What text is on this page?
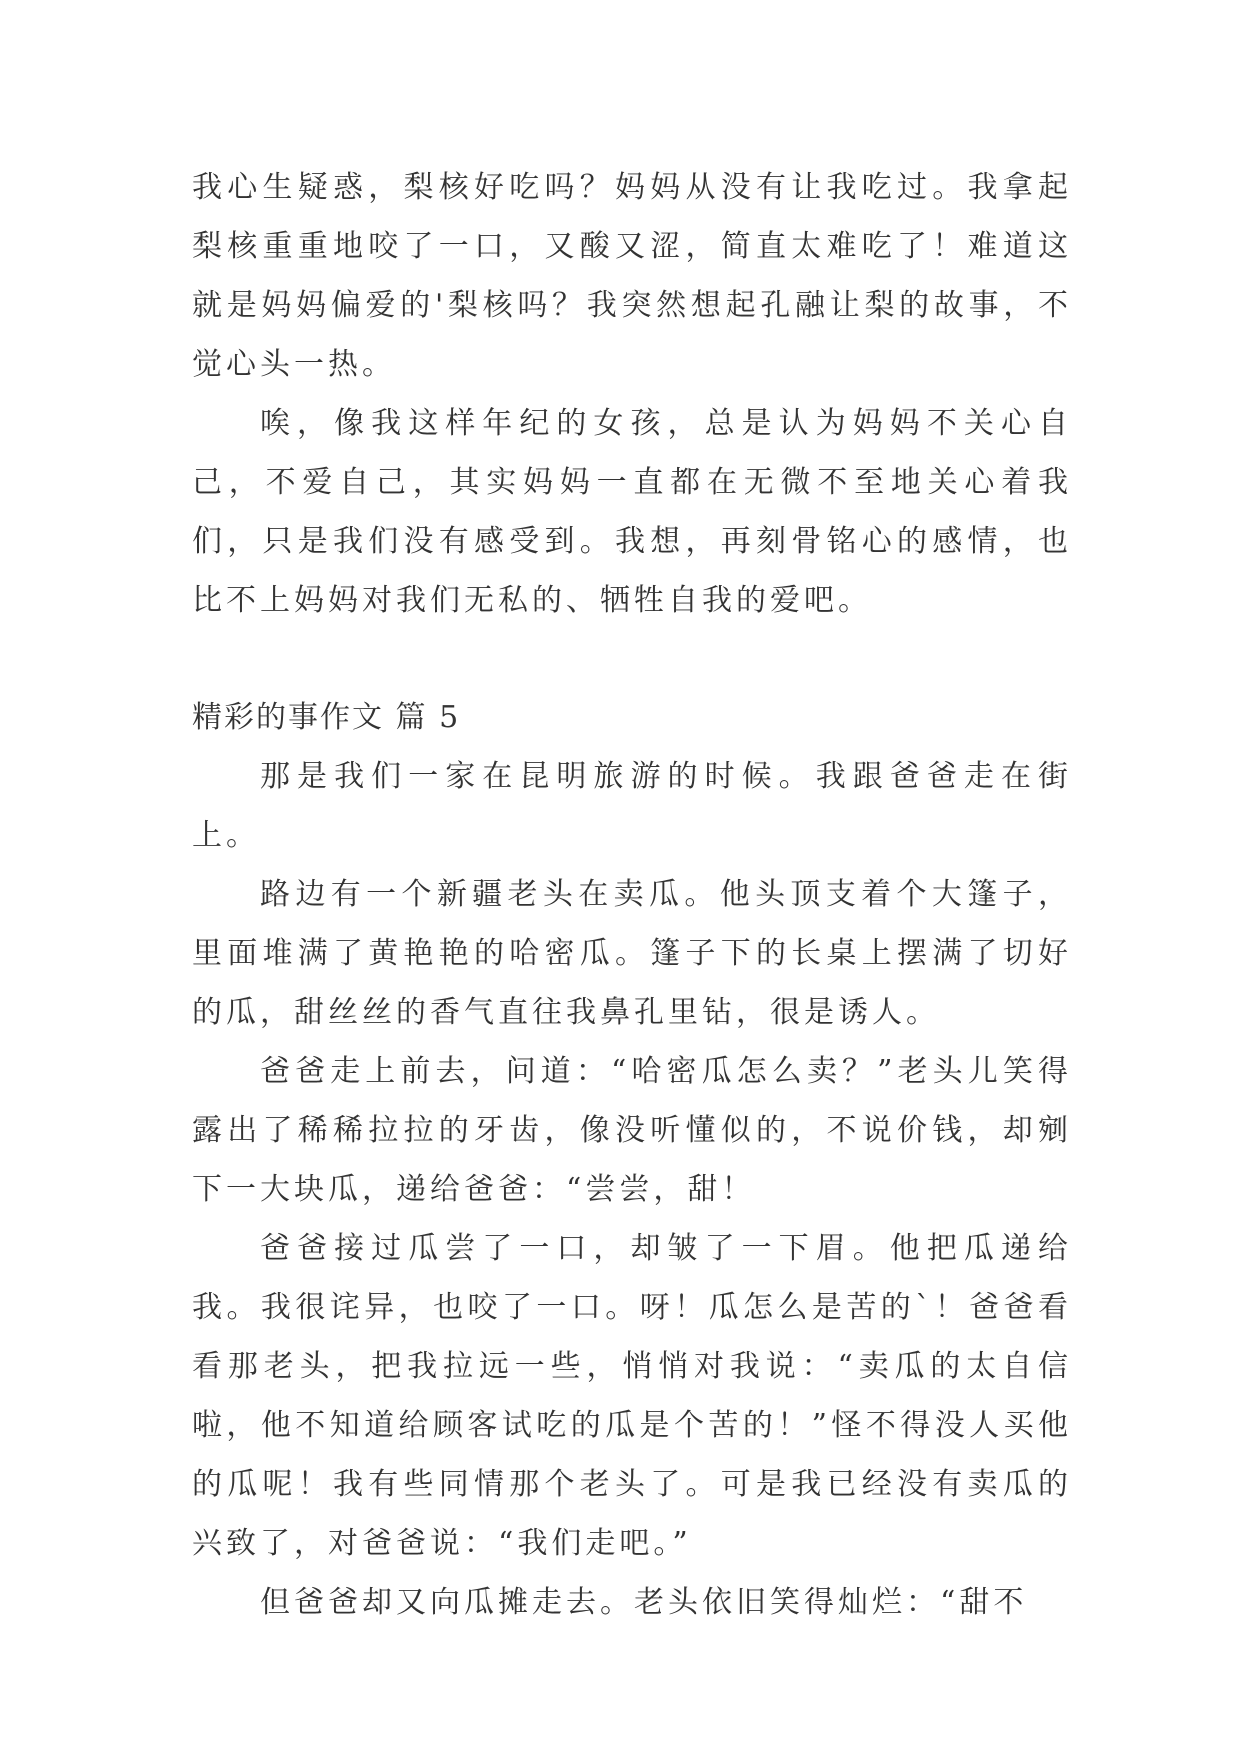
我心生疑惑，梨核好吃吗？妈妈从没有让我吃过。我拿起梨核重重地咬了一口，又酸又涩，简直太难吃了！难道这就是妈妈偏爱的'梨核吗？我突然想起孔融让梨的故事，不觉心头一热。

唉，像我这样年纪的女孩，总是认为妈妈不关心自己，不爱自己，其实妈妈一直都在无微不至地关心着我们，只是我们没有感受到。我想，再刻骨铭心的感情，也比不上妈妈对我们无私的、牺牲自我的爱吧。

精彩的事作文 篇 5

那是我们一家在昆明旅游的时候。我跟爸爸走在街上。

路边有一个新疆老头在卖瓜。他头顶支着个大篷子，里面堆满了黄艳艳的哈密瓜。篷子下的长桌上摆满了切好的瓜，甜丝丝的香气直往我鼻孔里钻，很是诱人。

爸爸走上前去，问道：“哈密瓜怎么卖？”老头儿笑得露出了稀稀拉拉的牙齿，像没听懂似的，不说价钱，却剜下一大块瓜，递给爸爸：“尝尝，甜！

爸爸接过瓜尝了一口，却皱了一下眉。他把瓜递给我。我很诧异，也咬了一口。呀！瓜怎么是苦的`！爸爸看看那老头，把我拉远一些，悄悄对我说：“卖瓜的太自信啦，他不知道给顾客试吃的瓜是个苦的！”怪不得没人买他的瓜呢！我有些同情那个老头了。可是我已经没有卖瓜的兴致了，对爸爸说：“我们走吧。”

但爸爸却又向瓜摊走去。老头依旧笑得灿烂：“甜不
